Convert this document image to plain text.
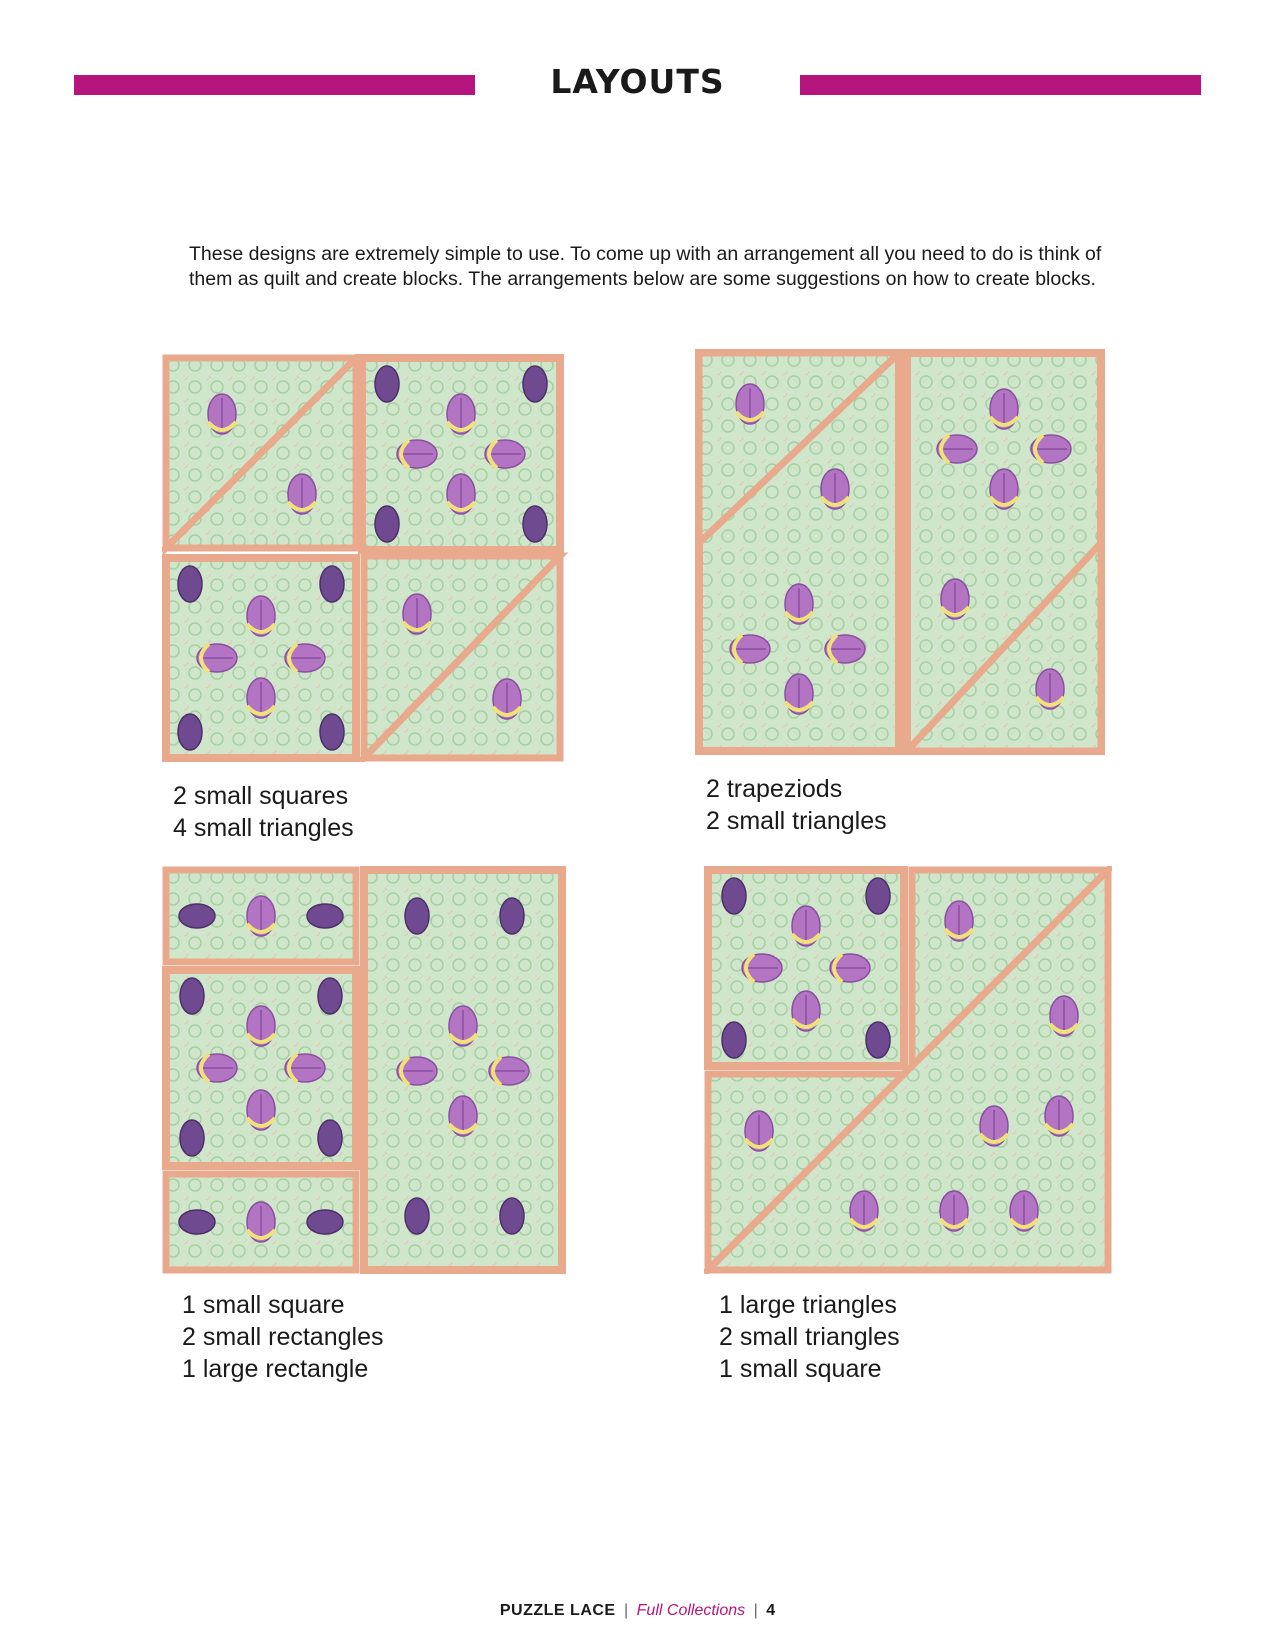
LAYOUTS
These designs are extremely simple to use. To come up with an arrangement all you need to do is think of them as quilt and create blocks. The arrangements below are some suggestions on how to create blocks.
2 small squares
4 small triangles
2 trapeziods
2 small triangles
1 small square
2 small rectangles
1 large rectangle
1 large triangles
2 small triangles
1 small square
PUZZLE LACE | Full Collections | 4
